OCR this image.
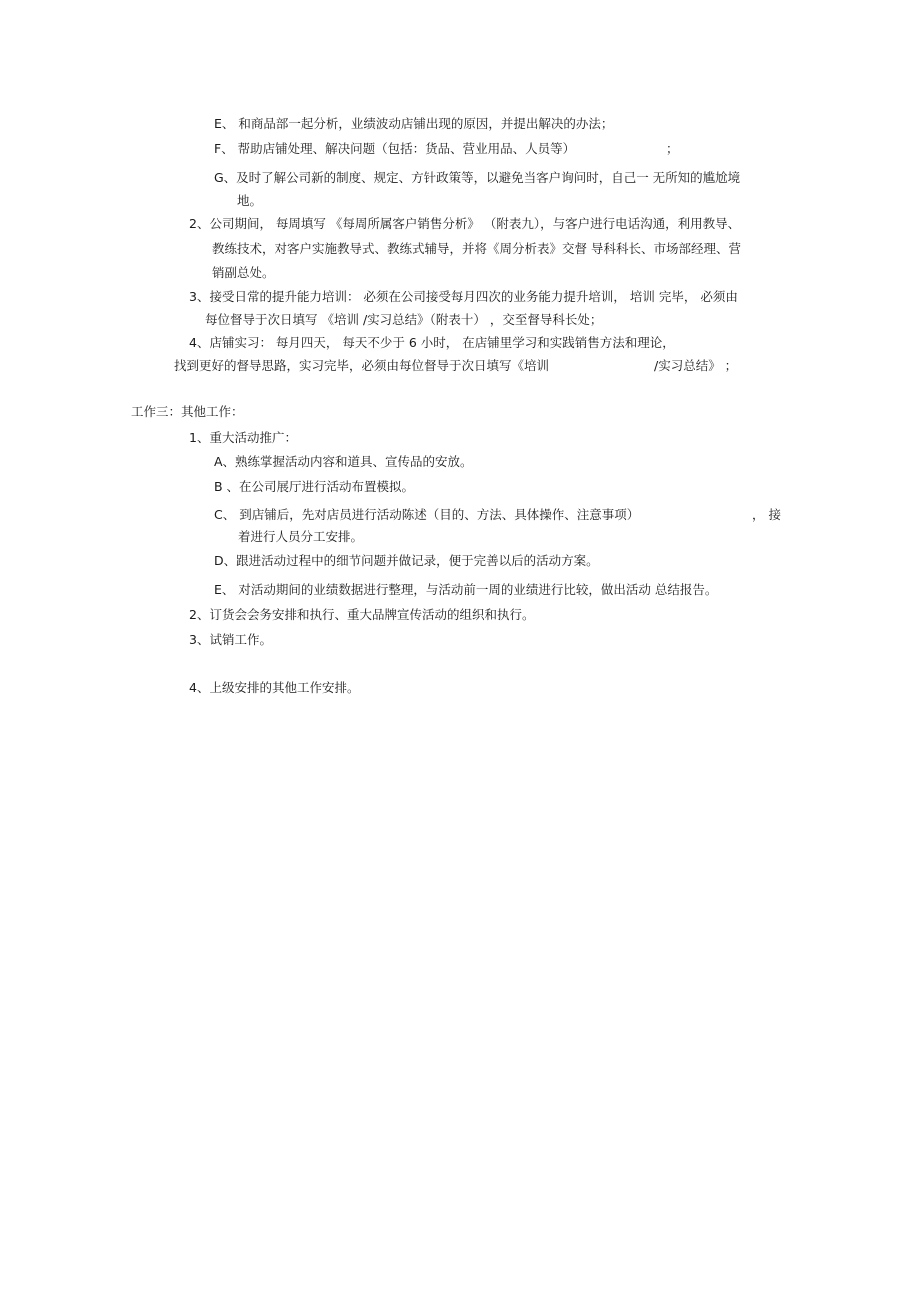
E、 和商品部一起分析，业绩波动店铺出现的原因，并提出解决的办法；
F、 帮助店铺处理、解决问题（包括：货品、营业用品、人员等）	；
G、及时了解公司新的制度、规定、方针政策等，以避免当客户询问时，自己一 无所知的尴尬境
地。
2、公司期间， 每周填写 《每周所属客户销售分析》 （附表九），与客户进行电话沟通，利用教导、
教练技术，对客户实施教导式、教练式辅导，并将《周分析表》交督 导科科长、市场部经理、营
销副总处。
3、接受日常的提升能力培训： 必须在公司接受每月四次的业务能力提升培训， 培训 完毕， 必须由
每位督导于次日填写 《培训 /实习总结》（附表十） ，交至督导科长处；
4、店铺实习： 每月四天， 每天不少于 6 小时， 在店铺里学习和实践销售方法和理论，
找到更好的督导思路，实习完毕，必须由每位督导于次日填写《培训	/实习总结》 ；
工作三：其他工作：
1、重大活动推广：
A、熟练掌握活动内容和道具、宣传品的安放。
B 、在公司展厅进行活动布置模拟。
C、 到店铺后，先对店员进行活动陈述（目的、方法、具体操作、注意事项）	， 接
着进行人员分工安排。
D、跟进活动过程中的细节问题并做记录，便于完善以后的活动方案。
E、 对活动期间的业绩数据进行整理，与活动前一周的业绩进行比较，做出活动 总结报告。
2、订货会会务安排和执行、重大品牌宣传活动的组织和执行。
3、试销工作。
4、上级安排的其他工作安排。
